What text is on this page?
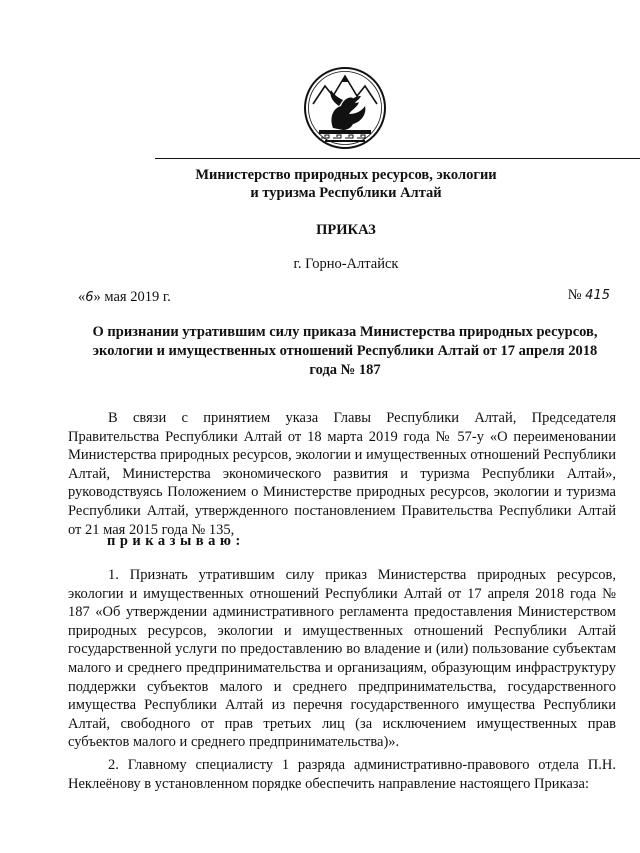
Министерство природных ресурсов, экологии
и туризма Республики Алтай
ПРИКАЗ
г. Горно-Алтайск
«6» мая 2019 г.	№ 415
О признании утратившим силу приказа Министерства природных ресурсов,
экологии и имущественных отношений Республики Алтай от 17 апреля 2018
года № 187

В связи с принятием указа Главы Республики Алтай, Председателя Правительства Республики Алтай от 18 марта 2019 года № 57-у «О переименовании Министерства природных ресурсов, экологии и имущественных отношений Республики Алтай, Министерства экономического развития и туризма Республики Алтай», руководствуясь Положением о Министерстве природных ресурсов, экологии и туризма Республики Алтай, утвержденного постановлением Правительства Республики Алтай от 21 мая 2015 года № 135,

приказываю:

1. Признать утратившим силу приказ Министерства природных ресурсов, экологии и имущественных отношений Республики Алтай от 17 апреля 2018 года № 187 «Об утверждении административного регламента предоставления Министерством природных ресурсов, экологии и имущественных отношений Республики Алтай государственной услуги по предоставлению во владение и (или) пользование субъектам малого и среднего предпринимательства и организациям, образующим инфраструктуру поддержки субъектов малого и среднего предпринимательства, государственного имущества Республики Алтай из перечня государственного имущества Республики Алтай, свободного от прав третьих лиц (за исключением имущественных прав субъектов малого и среднего предпринимательства)».

2. Главному специалисту 1 разряда административно-правового отдела П.Н. Неклеёнову в установленном порядке обеспечить направление настоящего Приказа:
